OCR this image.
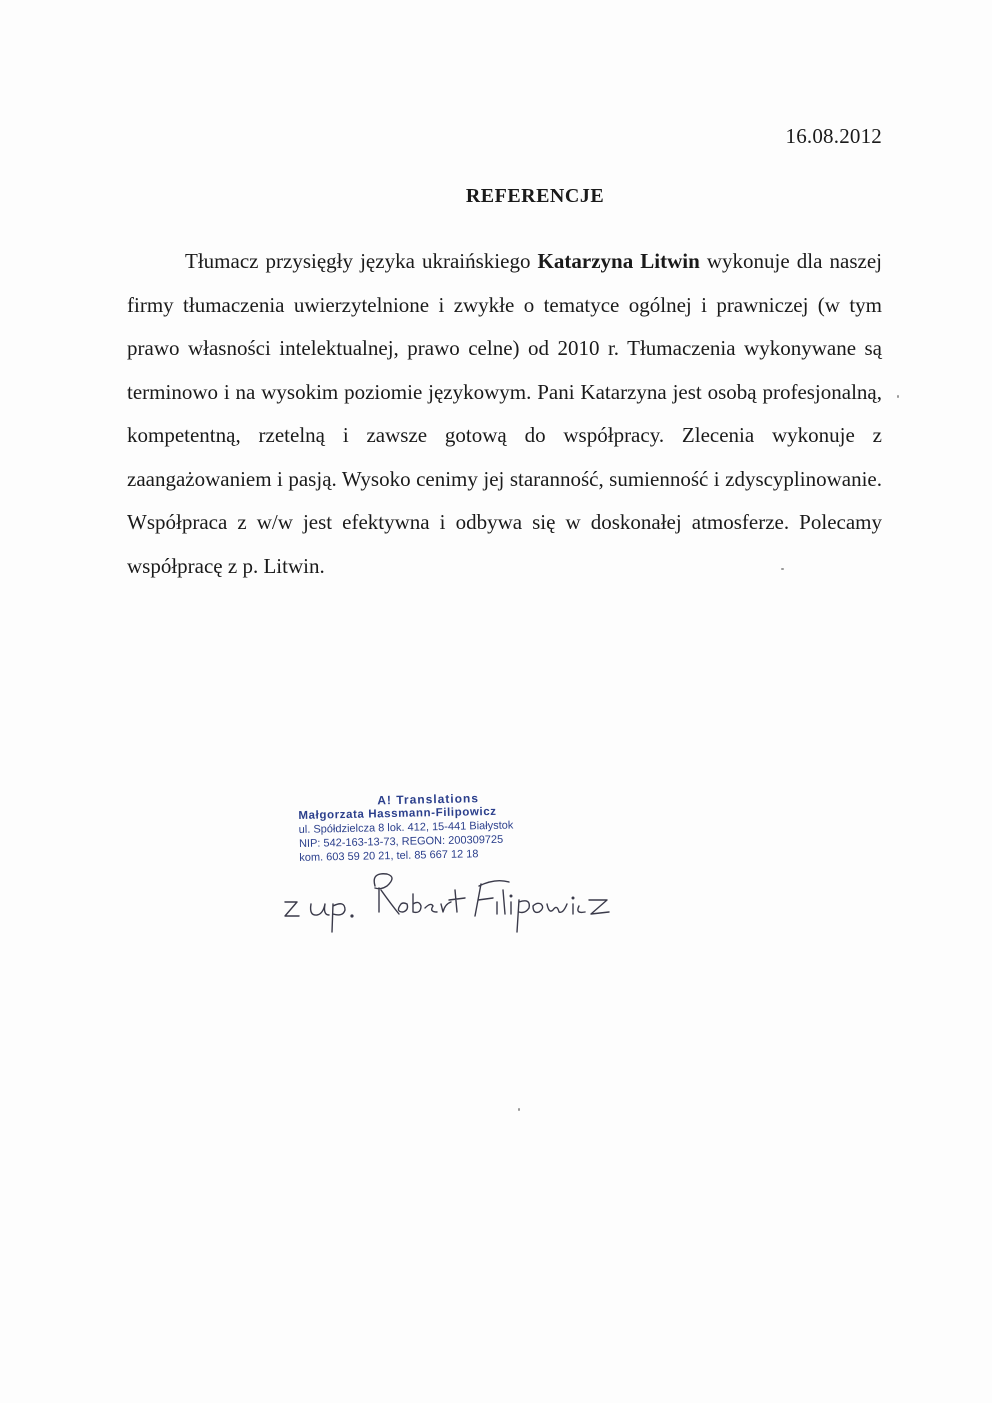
16.08.2012
REFERENCJE

Tłumacz przysięgły języka ukraińskiego Katarzyna Litwin wykonuje dla naszej firmy tłumaczenia uwierzytelnione i zwykłe o tematyce ogólnej i prawniczej (w tym prawo własności intelektualnej, prawo celne) od 2010 r. Tłumaczenia wykonywane są terminowo i na wysokim poziomie językowym. Pani Katarzyna jest osobą profesjonalną, kompetentną, rzetelną i zawsze gotową do współpracy. Zlecenia wykonuje z zaangażowaniem i pasją. Wysoko cenimy jej staranność, sumienność i zdyscyplinowanie. Współpraca z w/w jest efektywna i odbywa się w doskonałej atmosferze. Polecamy współpracę z p. Litwin.

A! Translations
Małgorzata Hassmann-Filipowicz
ul. Spółdzielcza 8 lok. 412, 15-441 Białystok
NIP: 542-163-13-73, REGON: 200309725
kom. 603 59 20 21, tel. 85 667 12 18
